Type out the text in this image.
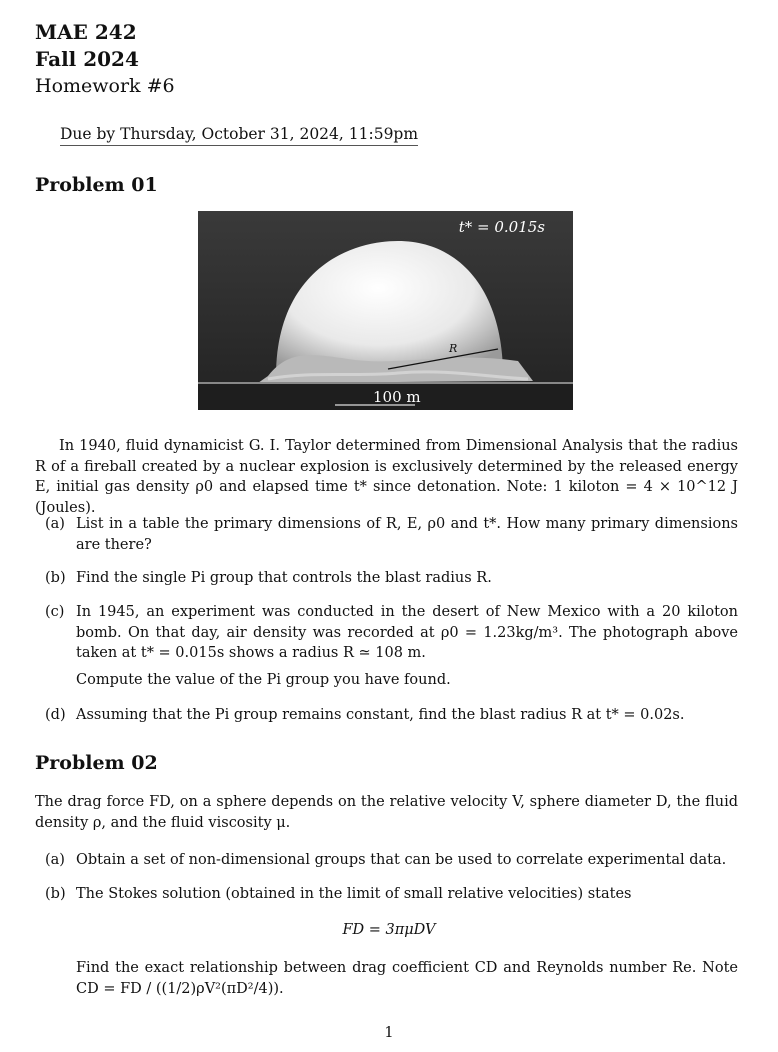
MAE 242
Fall 2024
Homework #6
Due by Thursday, October 31, 2024, 11:59pm
Problem 01
t* = 0.015s
R
100 m
In 1940, fluid dynamicist G. I. Taylor determined from Dimensional Analysis that the radius R of a fireball created by a nuclear explosion is exclusively determined by the released energy E, initial gas density ρ0 and elapsed time t* since detonation. Note: 1 kiloton = 4 × 10^12 J (Joules).
(a) List in a table the primary dimensions of R, E, ρ0 and t*. How many primary dimensions are there?
(b) Find the single Pi group that controls the blast radius R.
(c) In 1945, an experiment was conducted in the desert of New Mexico with a 20 kiloton bomb. On that day, air density was recorded at ρ0 = 1.23kg/m³. The photograph above taken at t* = 0.015s shows a radius R ≃ 108 m.
Compute the value of the Pi group you have found.
(d) Assuming that the Pi group remains constant, find the blast radius R at t* = 0.02s.
Problem 02
The drag force FD, on a sphere depends on the relative velocity V, sphere diameter D, the fluid density ρ, and the fluid viscosity μ.
(a) Obtain a set of non-dimensional groups that can be used to correlate experimental data.
(b) The Stokes solution (obtained in the limit of small relative velocities) states
FD = 3πμDV
Find the exact relationship between drag coefficient CD and Reynolds number Re. Note CD = FD / ((1/2)ρV²(πD²/4)).
1
